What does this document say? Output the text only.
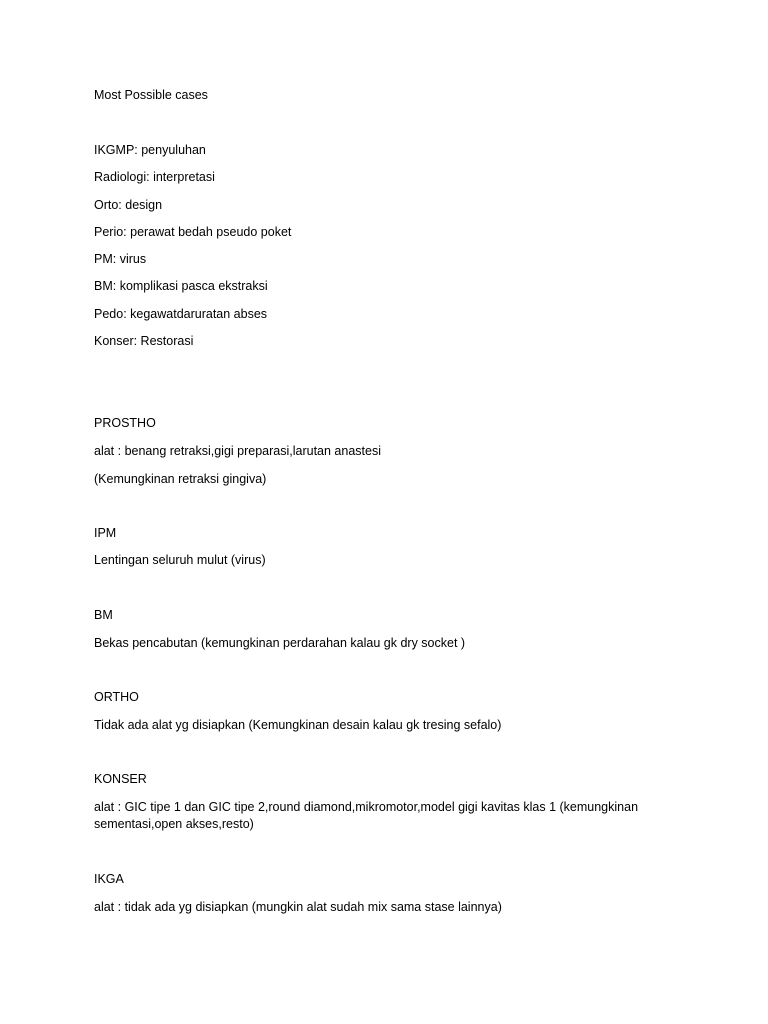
Most Possible cases
IKGMP: penyuluhan
Radiologi: interpretasi
Orto: design
Perio: perawat bedah pseudo poket
PM: virus
BM: komplikasi pasca ekstraksi
Pedo: kegawatdaruratan abses
Konser: Restorasi
PROSTHO
alat : benang retraksi,gigi preparasi,larutan anastesi
(Kemungkinan retraksi gingiva)
IPM
Lentingan seluruh mulut (virus)
BM
Bekas pencabutan (kemungkinan perdarahan kalau gk dry socket )
ORTHO
Tidak ada alat yg disiapkan (Kemungkinan desain kalau gk tresing sefalo)
KONSER
alat : GIC tipe 1 dan GIC tipe 2,round diamond,mikromotor,model gigi kavitas klas 1 (kemungkinan sementasi,open akses,resto)
IKGA
alat : tidak ada yg disiapkan (mungkin alat sudah mix sama stase lainnya)
